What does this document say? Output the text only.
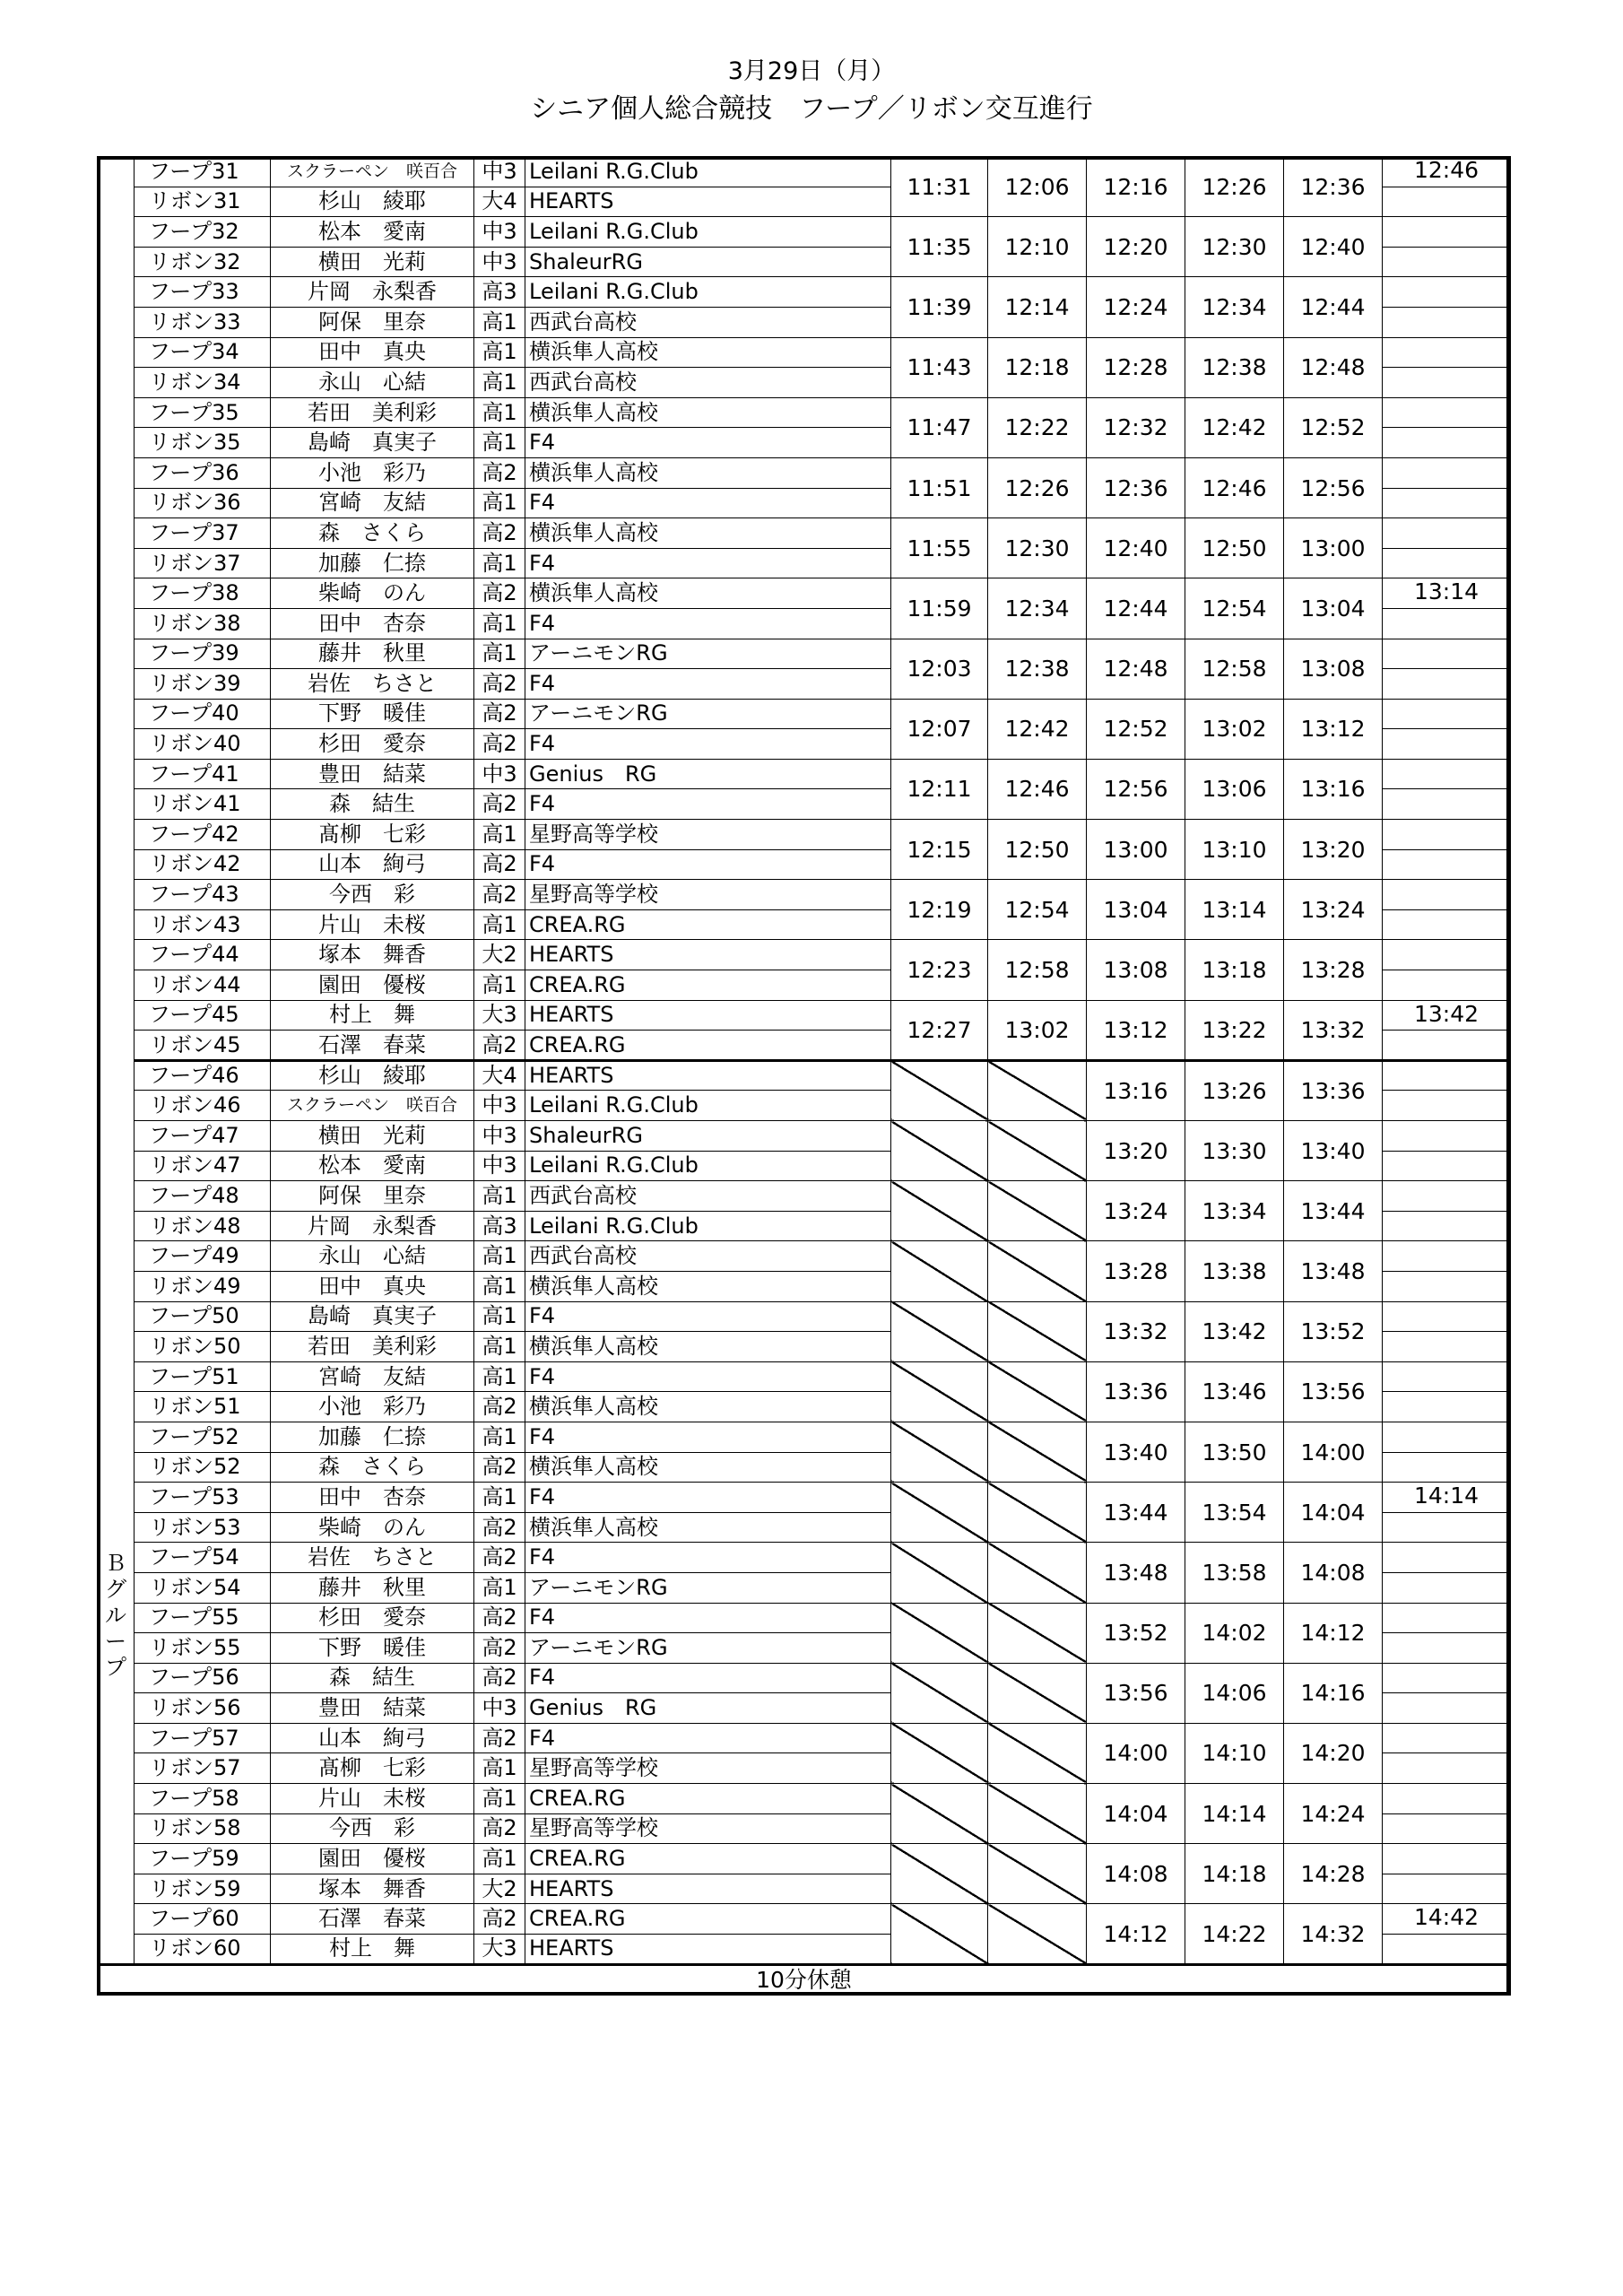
3月29日（月）
シニア個人総合競技　フープ／リボン交互進行
Ｂグループ	フープ31	スクラーペン　咲百合	中3	Leilani R.G.Club	11:31	12:06	12:16	12:26	12:36	12:46
	リボン31	杉山　綾耶	大4	HEARTS						
	フープ32	松本　愛南	中3	Leilani R.G.Club	11:35	12:10	12:20	12:30	12:40	
	リボン32	横田　光莉	中3	ShaleurRG						
	フープ33	片岡　永梨香	高3	Leilani R.G.Club	11:39	12:14	12:24	12:34	12:44	
	リボン33	阿保　里奈	高1	西武台高校						
	フープ34	田中　真央	高1	横浜隼人高校	11:43	12:18	12:28	12:38	12:48	
	リボン34	永山　心結	高1	西武台高校						
	フープ35	若田　美利彩	高1	横浜隼人高校	11:47	12:22	12:32	12:42	12:52	
	リボン35	島崎　真実子	高1	F4						
	フープ36	小池　彩乃	高2	横浜隼人高校	11:51	12:26	12:36	12:46	12:56	
	リボン36	宮崎　友結	高1	F4						
	フープ37	森　さくら	高2	横浜隼人高校	11:55	12:30	12:40	12:50	13:00	
	リボン37	加藤　仁捺	高1	F4						
	フープ38	柴崎　のん	高2	横浜隼人高校	11:59	12:34	12:44	12:54	13:04	13:14
	リボン38	田中　杏奈	高1	F4						
	フープ39	藤井　秋里	高1	アーニモンRG	12:03	12:38	12:48	12:58	13:08	
	リボン39	岩佐　ちさと	高2	F4						
	フープ40	下野　暖佳	高2	アーニモンRG	12:07	12:42	12:52	13:02	13:12	
	リボン40	杉田　愛奈	高2	F4						
	フープ41	豊田　結菜	中3	Genius　RG	12:11	12:46	12:56	13:06	13:16	
	リボン41	森　結生	高2	F4						
	フープ42	髙柳　七彩	高1	星野高等学校	12:15	12:50	13:00	13:10	13:20	
	リボン42	山本　絢弓	高2	F4						
	フープ43	今西　彩	高2	星野高等学校	12:19	12:54	13:04	13:14	13:24	
	リボン43	片山　未桜	高1	CREA.RG						
	フープ44	塚本　舞香	大2	HEARTS	12:23	12:58	13:08	13:18	13:28	
	リボン44	園田　優桜	高1	CREA.RG						
	フープ45	村上　舞	大3	HEARTS	12:27	13:02	13:12	13:22	13:32	13:42
	リボン45	石澤　春菜	高2	CREA.RG						
	フープ46	杉山　綾耶	大4	HEARTS			13:16	13:26	13:36	
	リボン46	スクラーペン　咲百合	中3	Leilani R.G.Club						
	フープ47	横田　光莉	中3	ShaleurRG			13:20	13:30	13:40	
	リボン47	松本　愛南	中3	Leilani R.G.Club						
	フープ48	阿保　里奈	高1	西武台高校			13:24	13:34	13:44	
	リボン48	片岡　永梨香	高3	Leilani R.G.Club						
	フープ49	永山　心結	高1	西武台高校			13:28	13:38	13:48	
	リボン49	田中　真央	高1	横浜隼人高校						
	フープ50	島崎　真実子	高1	F4			13:32	13:42	13:52	
	リボン50	若田　美利彩	高1	横浜隼人高校						
	フープ51	宮崎　友結	高1	F4			13:36	13:46	13:56	
	リボン51	小池　彩乃	高2	横浜隼人高校						
	フープ52	加藤　仁捺	高1	F4			13:40	13:50	14:00	
	リボン52	森　さくら	高2	横浜隼人高校						
	フープ53	田中　杏奈	高1	F4			13:44	13:54	14:04	14:14
	リボン53	柴崎　のん	高2	横浜隼人高校						
	フープ54	岩佐　ちさと	高2	F4			13:48	13:58	14:08	
	リボン54	藤井　秋里	高1	アーニモンRG						
	フープ55	杉田　愛奈	高2	F4			13:52	14:02	14:12	
	リボン55	下野　暖佳	高2	アーニモンRG						
	フープ56	森　結生	高2	F4			13:56	14:06	14:16	
	リボン56	豊田　結菜	中3	Genius　RG						
	フープ57	山本　絢弓	高2	F4			14:00	14:10	14:20	
	リボン57	髙柳　七彩	高1	星野高等学校						
	フープ58	片山　未桜	高1	CREA.RG			14:04	14:14	14:24	
	リボン58	今西　彩	高2	星野高等学校						
	フープ59	園田　優桜	高1	CREA.RG			14:08	14:18	14:28	
	リボン59	塚本　舞香	大2	HEARTS						
	フープ60	石澤　春菜	高2	CREA.RG			14:12	14:22	14:32	14:42
	リボン60	村上　舞	大3	HEARTS						
10分休憩										
